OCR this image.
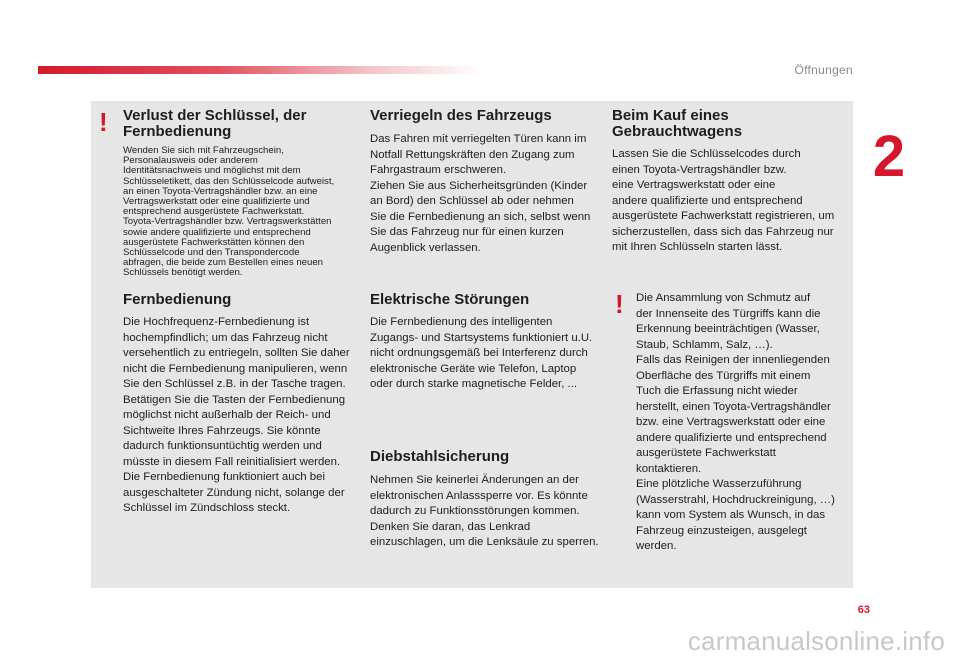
Öffnungen
2
! Verlust der Schlüssel, der
Fernbedienung

Wenden Sie sich mit Fahrzeugschein,
Personalausweis oder anderem
Identitätsnachweis und möglichst mit dem
Schlüsseletikett, das den Schlüsselcode aufweist,
an einen Toyota-Vertragshändler bzw. an eine
Vertragswerkstatt oder eine qualifizierte und
entsprechend ausgerüstete Fachwerkstatt.
Toyota-Vertragshändler bzw. Vertragswerkstätten
sowie andere qualifizierte und entsprechend
ausgerüstete Fachwerkstätten können den
Schlüsselcode und den Transpondercode
abfragen, die beide zum Bestellen eines neuen
Schlüssels benötigt werden.

Fernbedienung

Die Hochfrequenz-Fernbedienung ist
hochempfindlich; um das Fahrzeug nicht
versehentlich zu entriegeln, sollten Sie daher
nicht die Fernbedienung manipulieren, wenn
Sie den Schlüssel z.B. in der Tasche tragen.
Betätigen Sie die Tasten der Fernbedienung
möglichst nicht außerhalb der Reich- und
Sichtweite Ihres Fahrzeugs. Sie könnte
dadurch funktionsuntüchtig werden und
müsste in diesem Fall reinitialisiert werden.
Die Fernbedienung funktioniert auch bei
ausgeschalteter Zündung nicht, solange der
Schlüssel im Zündschloss steckt.

Verriegeln des Fahrzeugs

Das Fahren mit verriegelten Türen kann im
Notfall Rettungskräften den Zugang zum
Fahrgastraum erschweren.
Ziehen Sie aus Sicherheitsgründen (Kinder
an Bord) den Schlüssel ab oder nehmen
Sie die Fernbedienung an sich, selbst wenn
Sie das Fahrzeug nur für einen kurzen
Augenblick verlassen.

Elektrische Störungen

Die Fernbedienung des intelligenten
Zugangs- und Startsystems funktioniert u.U.
nicht ordnungsgemäß bei Interferenz durch
elektronische Geräte wie Telefon, Laptop
oder durch starke magnetische Felder, ...

Diebstahlsicherung

Nehmen Sie keinerlei Änderungen an der
elektronischen Anlasssperre vor. Es könnte
dadurch zu Funktionsstörungen kommen.
Denken Sie daran, das Lenkrad
einzuschlagen, um die Lenksäule zu sperren.

Beim Kauf eines
Gebrauchtwagens

Lassen Sie die Schlüsselcodes durch
einen Toyota-Vertragshändler bzw.
eine Vertragswerkstatt oder eine
andere qualifizierte und entsprechend
ausgerüstete Fachwerkstatt registrieren, um
sicherzustellen, dass sich das Fahrzeug nur
mit Ihren Schlüsseln starten lässt.

! Die Ansammlung von Schmutz auf
der Innenseite des Türgriffs kann die
Erkennung beeinträchtigen (Wasser,
Staub, Schlamm, Salz, …).
Falls das Reinigen der innenliegenden
Oberfläche des Türgriffs mit einem
Tuch die Erfassung nicht wieder
herstellt, einen Toyota-Vertragshändler
bzw. eine Vertragswerkstatt oder eine
andere qualifizierte und entsprechend
ausgerüstete Fachwerkstatt
kontaktieren.
Eine plötzliche Wasserzuführung
(Wasserstrahl, Hochdruckreinigung, …)
kann vom System als Wunsch, in das
Fahrzeug einzusteigen, ausgelegt
werden.

63
carmanualsonline.info
